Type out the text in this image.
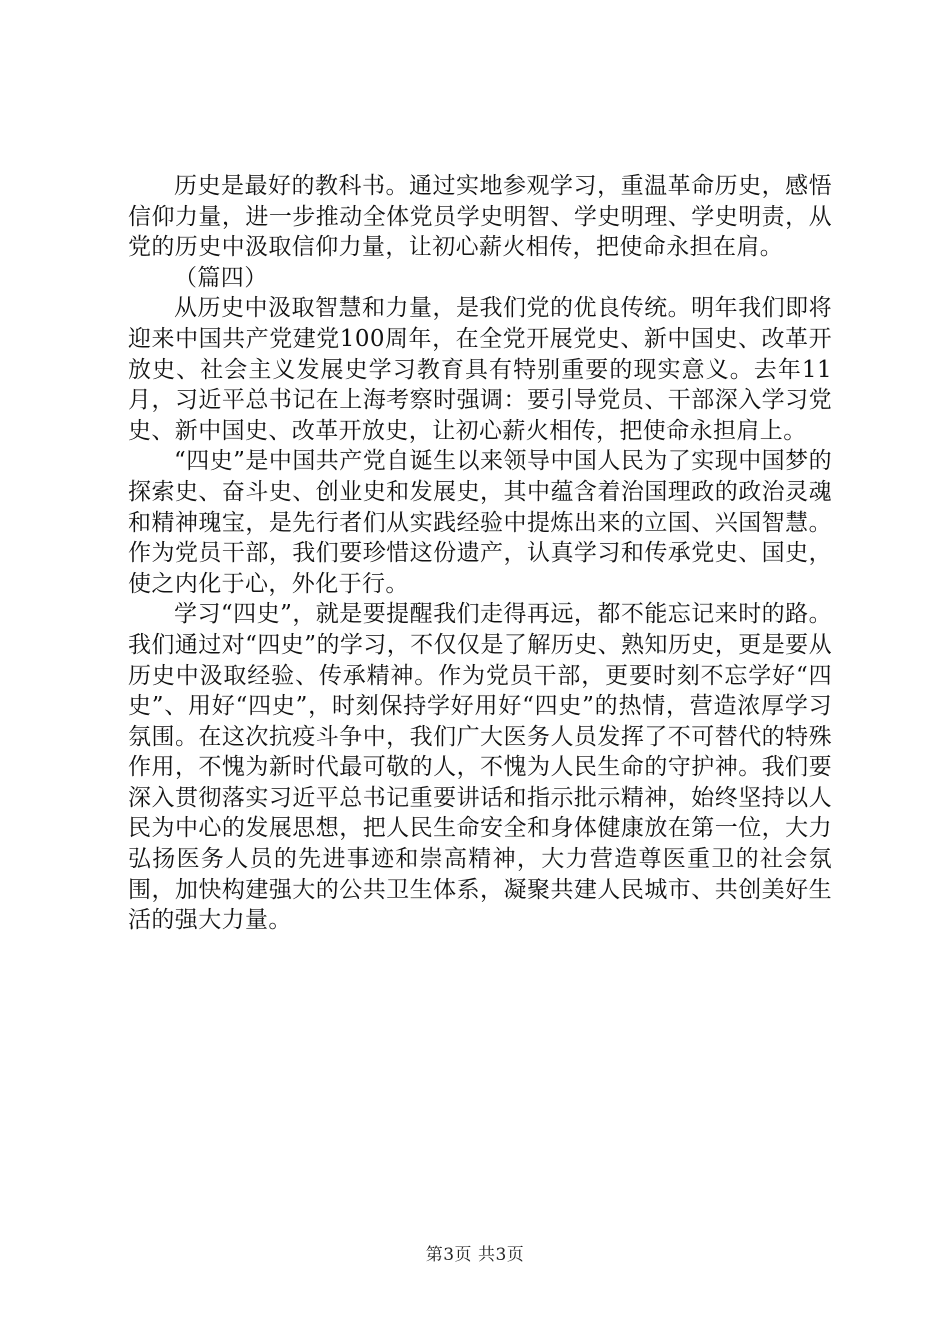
历史是最好的教科书。通过实地参观学习，重温革命历史，感悟信仰力量，进一步推动全体党员学史明智、学史明理、学史明责，从党的历史中汲取信仰力量，让初心薪火相传，把使命永担在肩。

（篇四）

从历史中汲取智慧和力量，是我们党的优良传统。明年我们即将迎来中国共产党建党100周年，在全党开展党史、新中国史、改革开放史、社会主义发展史学习教育具有特别重要的现实意义。去年11月，习近平总书记在上海考察时强调：要引导党员、干部深入学习党史、新中国史、改革开放史，让初心薪火相传，把使命永担肩上。

“四史”是中国共产党自诞生以来领导中国人民为了实现中国梦的探索史、奋斗史、创业史和发展史，其中蕴含着治国理政的政治灵魂和精神瑰宝，是先行者们从实践经验中提炼出来的立国、兴国智慧。作为党员干部，我们要珍惜这份遗产，认真学习和传承党史、国史，使之内化于心，外化于行。

学习“四史”，就是要提醒我们走得再远，都不能忘记来时的路。我们通过对“四史”的学习，不仅仅是了解历史、熟知历史，更是要从历史中汲取经验、传承精神。作为党员干部，更要时刻不忘学好“四史”、用好“四史”，时刻保持学好用好“四史”的热情，营造浓厚学习氛围。在这次抗疫斗争中，我们广大医务人员发挥了不可替代的特殊作用，不愧为新时代最可敬的人，不愧为人民生命的守护神。我们要深入贯彻落实习近平总书记重要讲话和指示批示精神，始终坚持以人民为中心的发展思想，把人民生命安全和身体健康放在第一位，大力弘扬医务人员的先进事迹和崇高精神，大力营造尊医重卫的社会氛围，加快构建强大的公共卫生体系，凝聚共建人民城市、共创美好生活的强大力量。

第3页 共3页
